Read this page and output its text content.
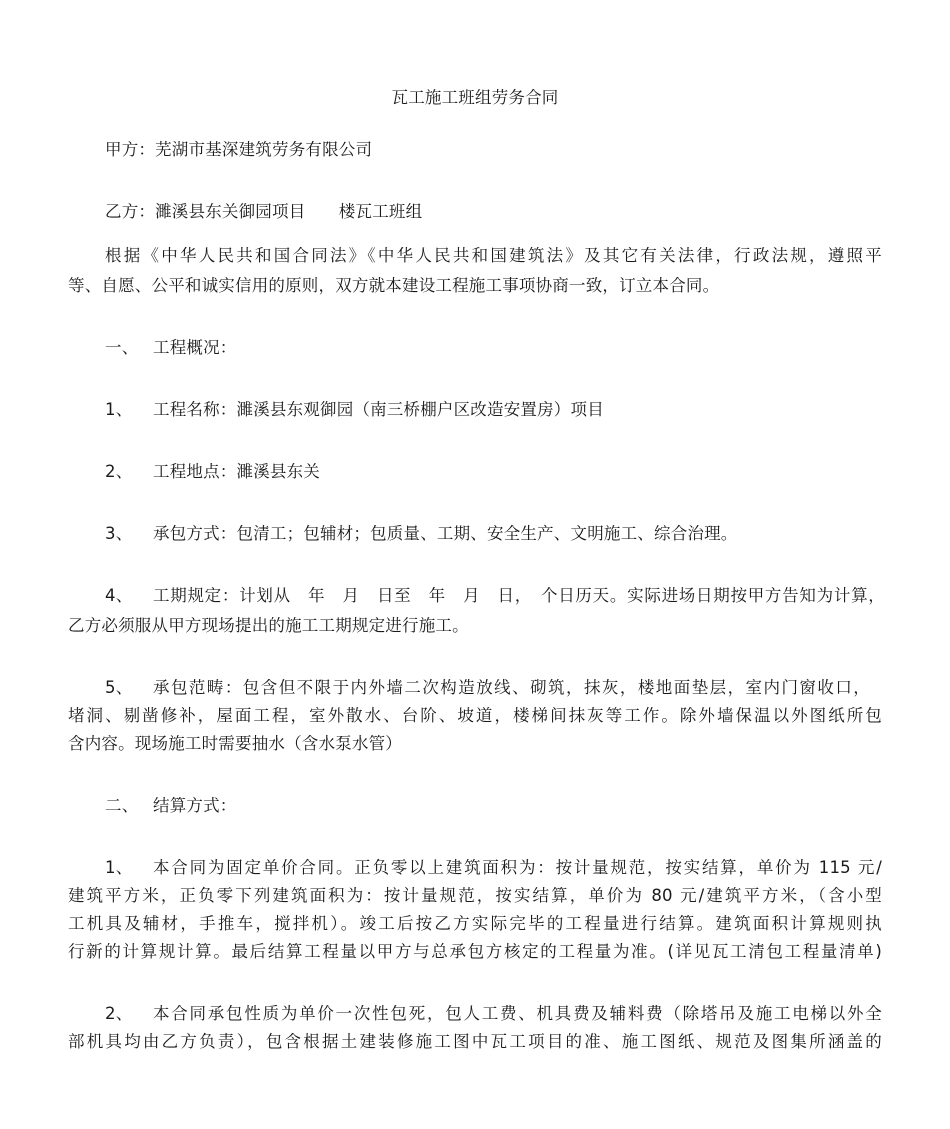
瓦工施工班组劳务合同
甲方：芜湖市基深建筑劳务有限公司
乙方：濉溪县东关御园项目　　楼瓦工班组
根据《中华人民共和国合同法》《中华人民共和国建筑法》及其它有关法律，行政法规，遵照平
等、自愿、公平和诚实信用的原则，双方就本建设工程施工事项协商一致，订立本合同。
一、 工程概况：
1、 工程名称：濉溪县东观御园（南三桥棚户区改造安置房）项目
2、 工程地点：濉溪县东关
3、 承包方式：包清工；包辅材；包质量、工期、安全生产、文明施工、综合治理。
4、 工期规定：计划从　年　月　日至　年　月　日，　个日历天。实际进场日期按甲方告知为计算，
乙方必须服从甲方现场提出的施工工期规定进行施工。
5、 承包范畴：包含但不限于内外墙二次构造放线、砌筑，抹灰，楼地面垫层，室内门窗收口，
堵洞、剔凿修补，屋面工程，室外散水、台阶、坡道，楼梯间抹灰等工作。除外墙保温以外图纸所包
含内容。现场施工时需要抽水（含水泵水管）
二、 结算方式：
1、 本合同为固定单价合同。正负零以上建筑面积为：按计量规范，按实结算，单价为 115 元/
建筑平方米，正负零下列建筑面积为：按计量规范，按实结算，单价为 80 元/建筑平方米，（含小型
工机具及辅材，手推车，搅拌机）。竣工后按乙方实际完毕的工程量进行结算。建筑面积计算规则执
行新的计算规计算。最后结算工程量以甲方与总承包方核定的工程量为准。(详见瓦工清包工程量清单)
2、 本合同承包性质为单价一次性包死，包人工费、机具费及辅料费（除塔吊及施工电梯以外全
部机具均由乙方负责），包含根据土建装修施工图中瓦工项目的准、施工图纸、规范及图集所涵盖的
